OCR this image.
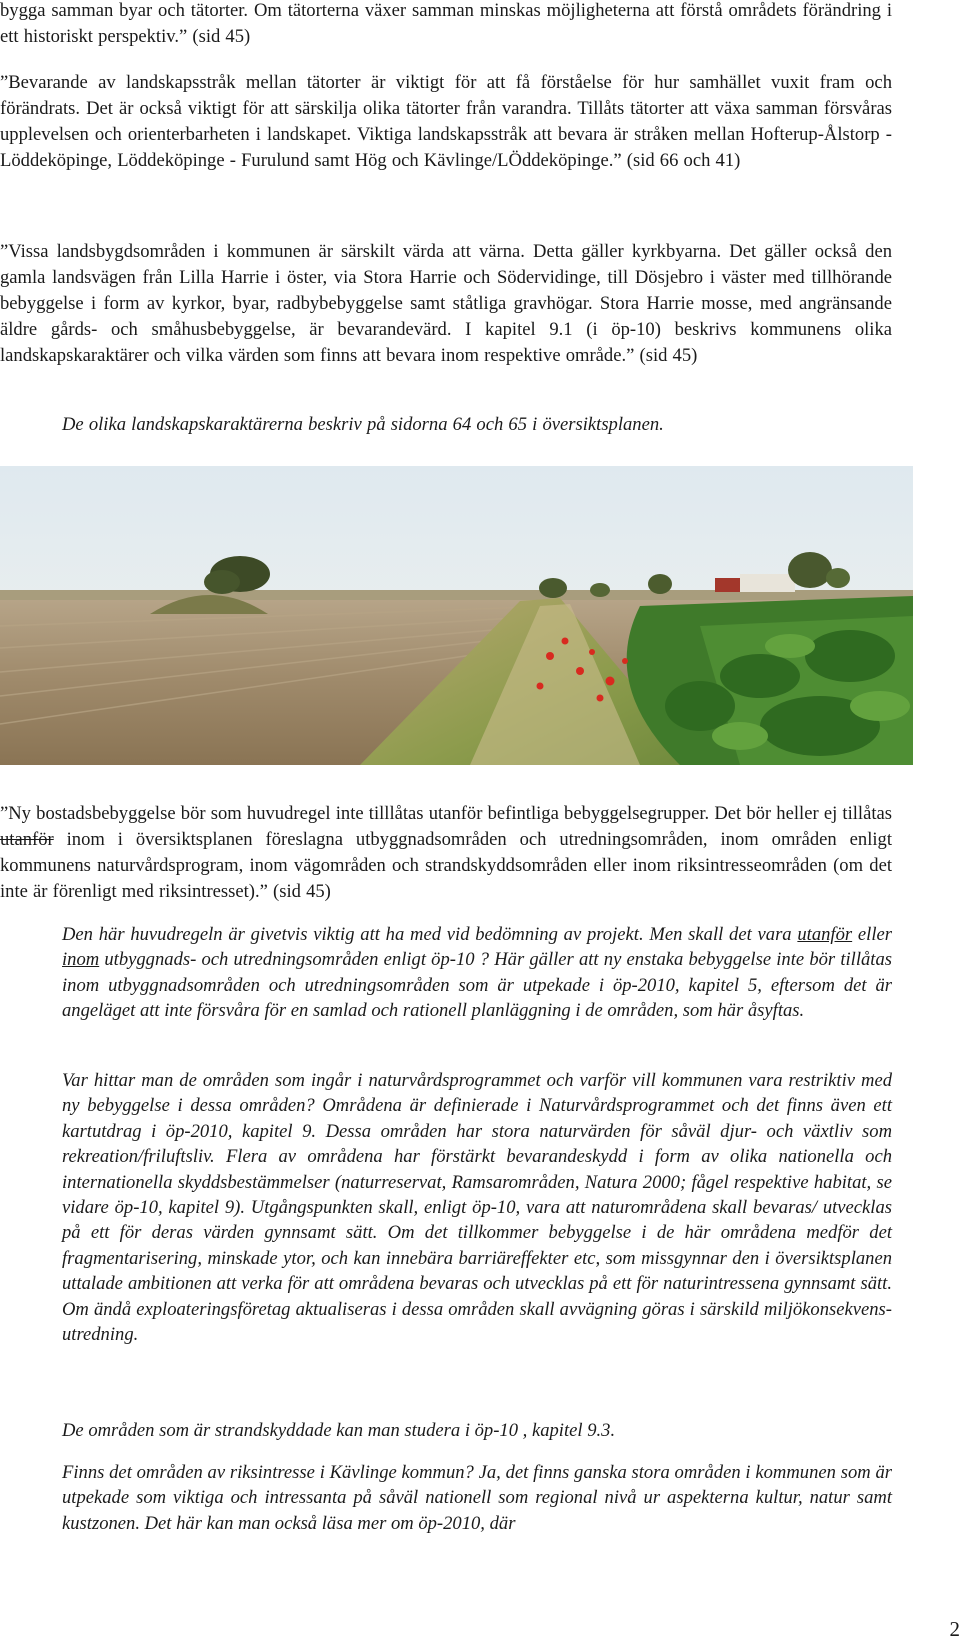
bygga samman byar och tätorter. Om tätorterna växer samman minskas möjligheterna att förstå områdets förändring i ett historiskt perspektiv.” (sid 45)

”Bevarande av landskapsstråk mellan tätorter är viktigt för att få förståelse för hur samhället vuxit fram och förändrats. Det är också viktigt för att särskilja olika tätorter från varandra. Tillåts tätorter att växa samman försvåras upplevelsen och orienterbarheten i landskapet. Viktiga landskapsstråk att bevara är stråken mellan Hofterup-Ålstorp - Löddeköpinge, Löddeköpinge - Furulund samt Hög och Kävlinge/LÖddeköpinge.” (sid 66 och 41)

”Vissa landsbygdsområden i kommunen är särskilt värda att värna. Detta gäller kyrkbyarna. Det gäller också den gamla landsvägen från Lilla Harrie i öster, via Stora Harrie och Södervidinge, till Dösjebro i väster med tillhörande bebyggelse i form av kyrkor, byar, radbybebyggelse samt ståtliga gravhögar. Stora Harrie mosse, med angränsande äldre gårds- och småhusbebyggelse, är bevarandevärd. I kapitel 9.1 (i öp-10) beskrivs kommunens olika landskapskaraktärer och vilka värden som finns att bevara inom respektive område.” (sid 45)

De olika landskapskaraktärerna beskriv på sidorna 64 och 65 i översiktsplanen.

”Ny bostadsbebyggelse bör som huvudregel inte tilllåtas utanför befintliga bebyggelsegrupper. Det bör heller ej tillåtas utanför inom i översiktsplanen föreslagna utbyggnadsområden och utredningsområden, inom områden enligt kommunens naturvårdsprogram, inom vägområden och strandskyddsområden eller inom riksintresseområden (om det inte är förenligt med riksintresset).” (sid 45)

Den här huvudregeln är givetvis viktig att ha med vid bedömning av projekt. Men skall det vara utanför eller inom utbyggnads- och utredningsområden enligt öp-10 ? Här gäller att ny enstaka bebyggelse inte bör tillåtas inom utbyggnadsområden och utredningsområden som är utpekade i öp-2010, kapitel 5, eftersom det är angeläget att inte försvåra för en samlad och rationell planläggning i de områden, som här åsyftas.

Var hittar man de områden som ingår i naturvårdsprogrammet och varför vill kommunen vara restriktiv med ny bebyggelse i dessa områden? Områdena är definierade i Naturvårdsprogrammet och det finns även ett kartutdrag i öp-2010, kapitel 9. Dessa områden har stora naturvärden för såväl djur- och växtliv som rekreation/friluftsliv. Flera av områdena har förstärkt bevarandeskydd i form av olika nationella och internationella skyddsbestämmelser (naturreservat, Ramsarområden, Natura 2000; fågel respektive habitat, se vidare öp-10, kapitel 9). Utgångspunkten skall, enligt öp-10, vara att naturområdena skall bevaras/ utvecklas på ett för deras värden gynnsamt sätt. Om det tillkommer bebyggelse i de här områdena medför det fragmentarisering, minskade ytor, och kan innebära barriäreffekter etc, som missgynnar den i översiktsplanen uttalade ambitionen att verka för att områdena bevaras och utvecklas på ett för naturintressena gynnsamt sätt. Om ändå exploateringsföretag aktualiseras i dessa områden skall avvägning göras i särskild miljökonsekvensutredning.

De områden som är strandskyddade kan man studera i öp-10 , kapitel 9.3.

Finns det områden av riksintresse i Kävlinge kommun? Ja, det finns ganska stora områden i kommunen som är utpekade som viktiga och intressanta på såväl nationell som regional nivå ur aspekterna kultur, natur samt kustzonen. Det här kan man också läsa mer om öp-2010, där

2
